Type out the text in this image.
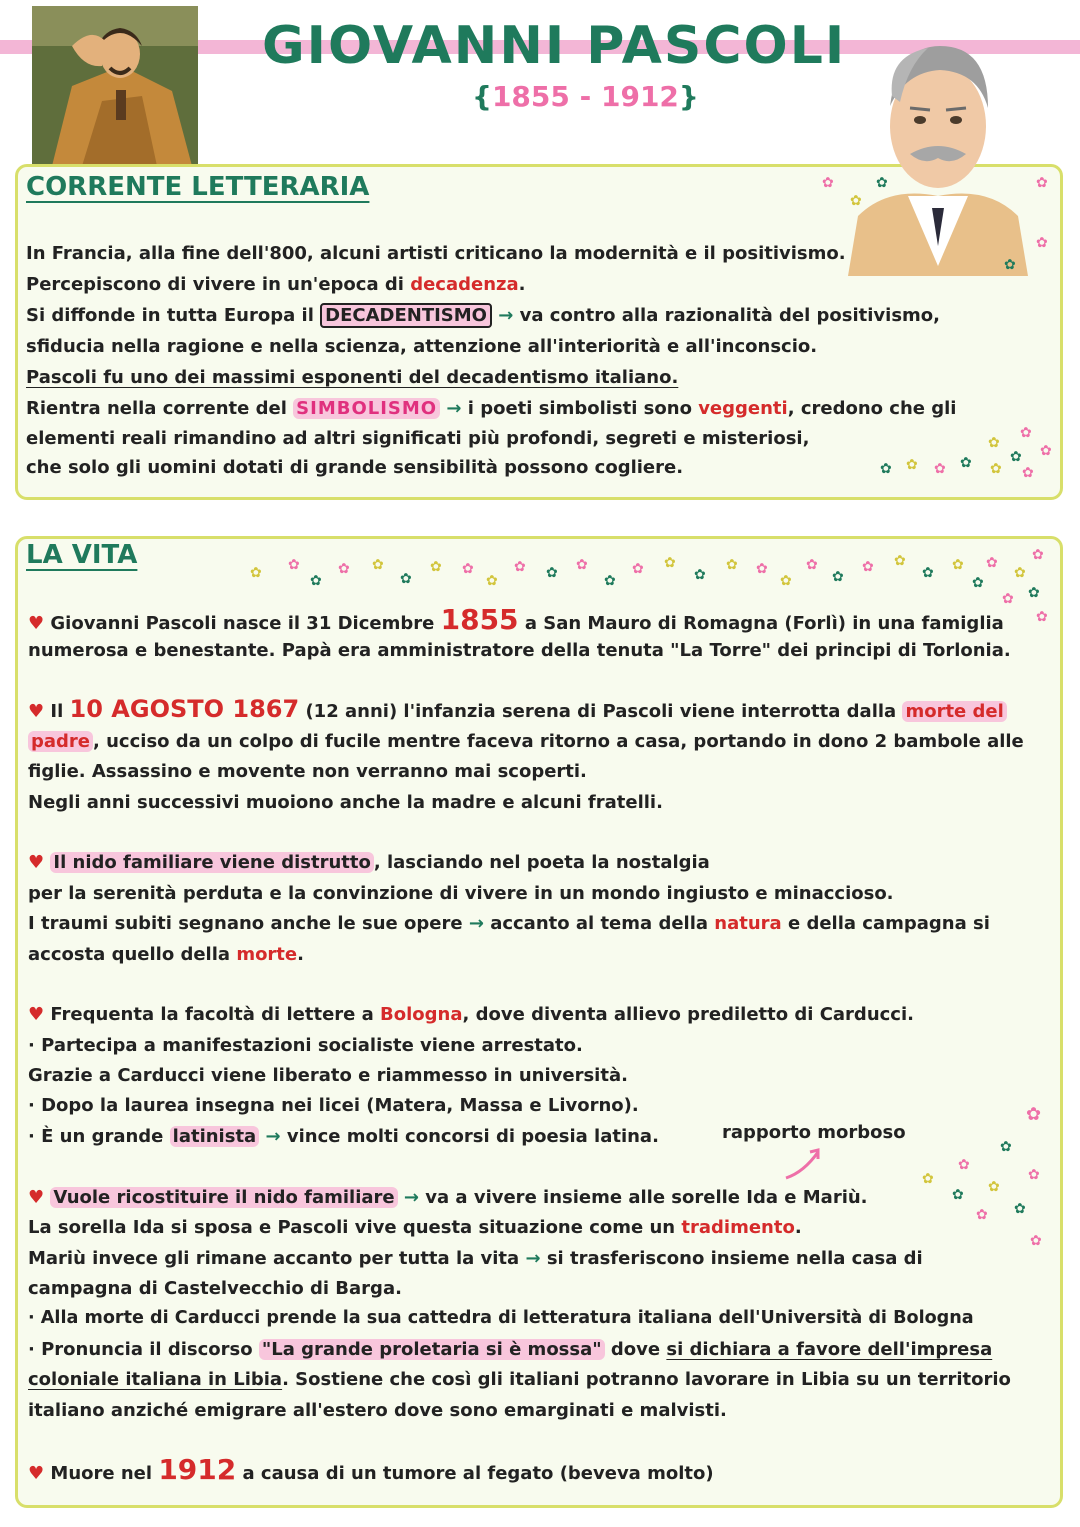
GIOVANNI PASCOLI
{1855 - 1912}
CORRENTE LETTERARIA
In Francia, alla fine dell'800, alcuni artisti criticano la modernità e il positivismo.
Percepiscono di vivere in un'epoca di decadenza.
Si diffonde in tutta Europa il DECADENTISMO → va contro alla razionalità del positivismo,
sfiducia nella ragione e nella scienza, attenzione all'interiorità e all'inconscio.
Pascoli fu uno dei massimi esponenti del decadentismo italiano.
Rientra nella corrente del SIMBOLISMO → i poeti simbolisti sono veggenti, credono che gli
elementi reali rimandino ad altri significati più profondi, segreti e misteriosi,
che solo gli uomini dotati di grande sensibilità possono cogliere.
LA VITA
♥ Giovanni Pascoli nasce il 31 Dicembre 1855 a San Mauro di Romagna (Forlì) in una famiglia
numerosa e benestante. Papà era amministratore della tenuta "La Torre" dei principi di Torlonia.
♥ Il 10 AGOSTO 1867 (12 anni) l'infanzia serena di Pascoli viene interrotta dalla morte del
padre , ucciso da un colpo di fucile mentre faceva ritorno a casa, portando in dono 2 bambole alle
figlie. Assassino e movente non verranno mai scoperti.
Negli anni successivi muoiono anche la madre e alcuni fratelli.
♥ Il nido familiare viene distrutto , lasciando nel poeta la nostalgia
per la serenità perduta e la convinzione di vivere in un mondo ingiusto e minaccioso.
I traumi subiti segnano anche le sue opere → accanto al tema della natura e della campagna si
accosta quello della morte.
♥ Frequenta la facoltà di lettere a Bologna, dove diventa allievo prediletto di Carducci.
· Partecipa a manifestazioni socialiste viene arrestato.
Grazie a Carducci viene liberato e riammesso in università.
· Dopo la laurea insegna nei licei (Matera, Massa e Livorno).
· È un grande latinista → vince molti concorsi di poesia latina.	rapporto morboso
♥ Vuole ricostituire il nido familiare → va a vivere insieme alle sorelle Ida e Mariù.
La sorella Ida si sposa e Pascoli vive questa situazione come un tradimento.
Mariù invece gli rimane accanto per tutta la vita → si trasferiscono insieme nella casa di
campagna di Castelvecchio di Barga.
· Alla morte di Carducci prende la sua cattedra di letteratura italiana dell'Università di Bologna
· Pronuncia il discorso "La grande proletaria si è mossa" dove si dichiara a favore dell'impresa
coloniale italiana in Libia. Sostiene che così gli italiani potranno lavorare in Libia su un territorio
italiano anziché emigrare all'estero dove sono emarginati e malvisti.
♥ Muore nel 1912 a causa di un tumore al fegato (beveva molto)
✿	✿
✿
✿
✿
✿
✿
✿
✿
✿ ✿ ✿ ✿ ✿
✿
✿
✿ ✿
✿
✿ ✿
✿
✿ ✿
✿
✿ ✿ ✿
✿
✿ ✿
✿
✿ ✿
✿
✿
✿
✿ ✿
✿ ✿ ✿
✿
✿
✿
✿
✿
✿
✿
✿
✿
✿
✿	✿
✿
✿
✿
✿
